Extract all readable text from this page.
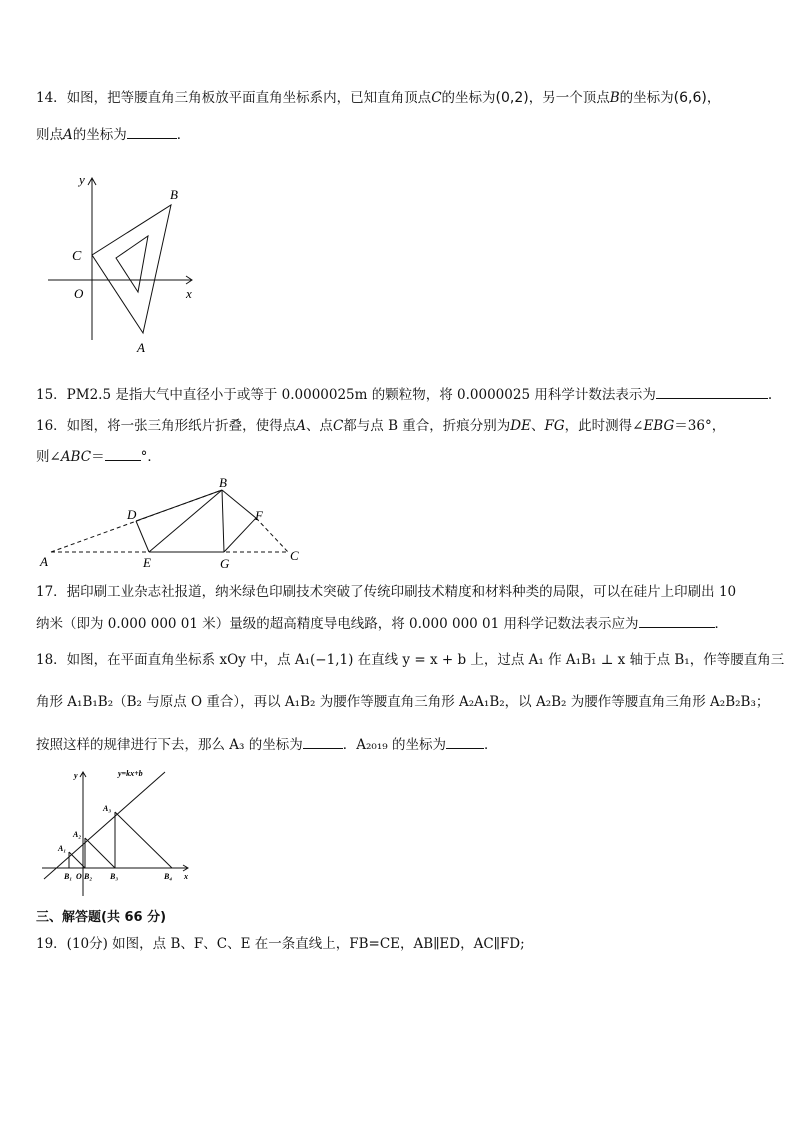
14．如图，把等腰直角三角板放平面直角坐标系内，已知直角顶点C的坐标为(0,2)，另一个顶点B的坐标为(6,6)，
则点A的坐标为	．
y
x
O
C
B
A
15．PM2.5 是指大气中直径小于或等于 0.0000025m 的颗粒物，将 0.0000025 用科学计数法表示为	.
16．如图，将一张三角形纸片折叠，使得点A、点C都与点 B 重合，折痕分别为DE、FG，此时测得∠EBG＝36°，
则∠ABC＝	°．
A
B
C
D
E
F
G
17．据印刷工业杂志社报道，纳米绿色印刷技术突破了传统印刷技术精度和材料种类的局限，可以在硅片上印刷出 10
纳米（即为 0.000 000 01 米）量级的超高精度导电线路，将 0.000 000 01 用科学记数法表示应为	．
18．如图，在平面直角坐标系 xOy 中，点 A₁(−1,1) 在直线 y = x + b 上，过点 A₁ 作 A₁B₁ ⊥ x 轴于点 B₁，作等腰直角三
角形 A₁B₁B₂（B₂ 与原点 O 重合），再以 A₁B₂ 为腰作等腰直角三角形 A₂A₁B₂，以 A₂B₂ 为腰作等腰直角三角形 A₂B₂B₃；
按照这样的规律进行下去，那么 A₃ 的坐标为	．A₂₀₁₉ 的坐标为	．
y	y=kx+b
A₃
A₂
A₁
B₁ O B₂ B₃	B₄ x
三、解答题(共 66 分)
19．(10分) 如图，点 B、F、C、E 在一条直线上，FB=CE，AB∥ED，AC∥FD;
